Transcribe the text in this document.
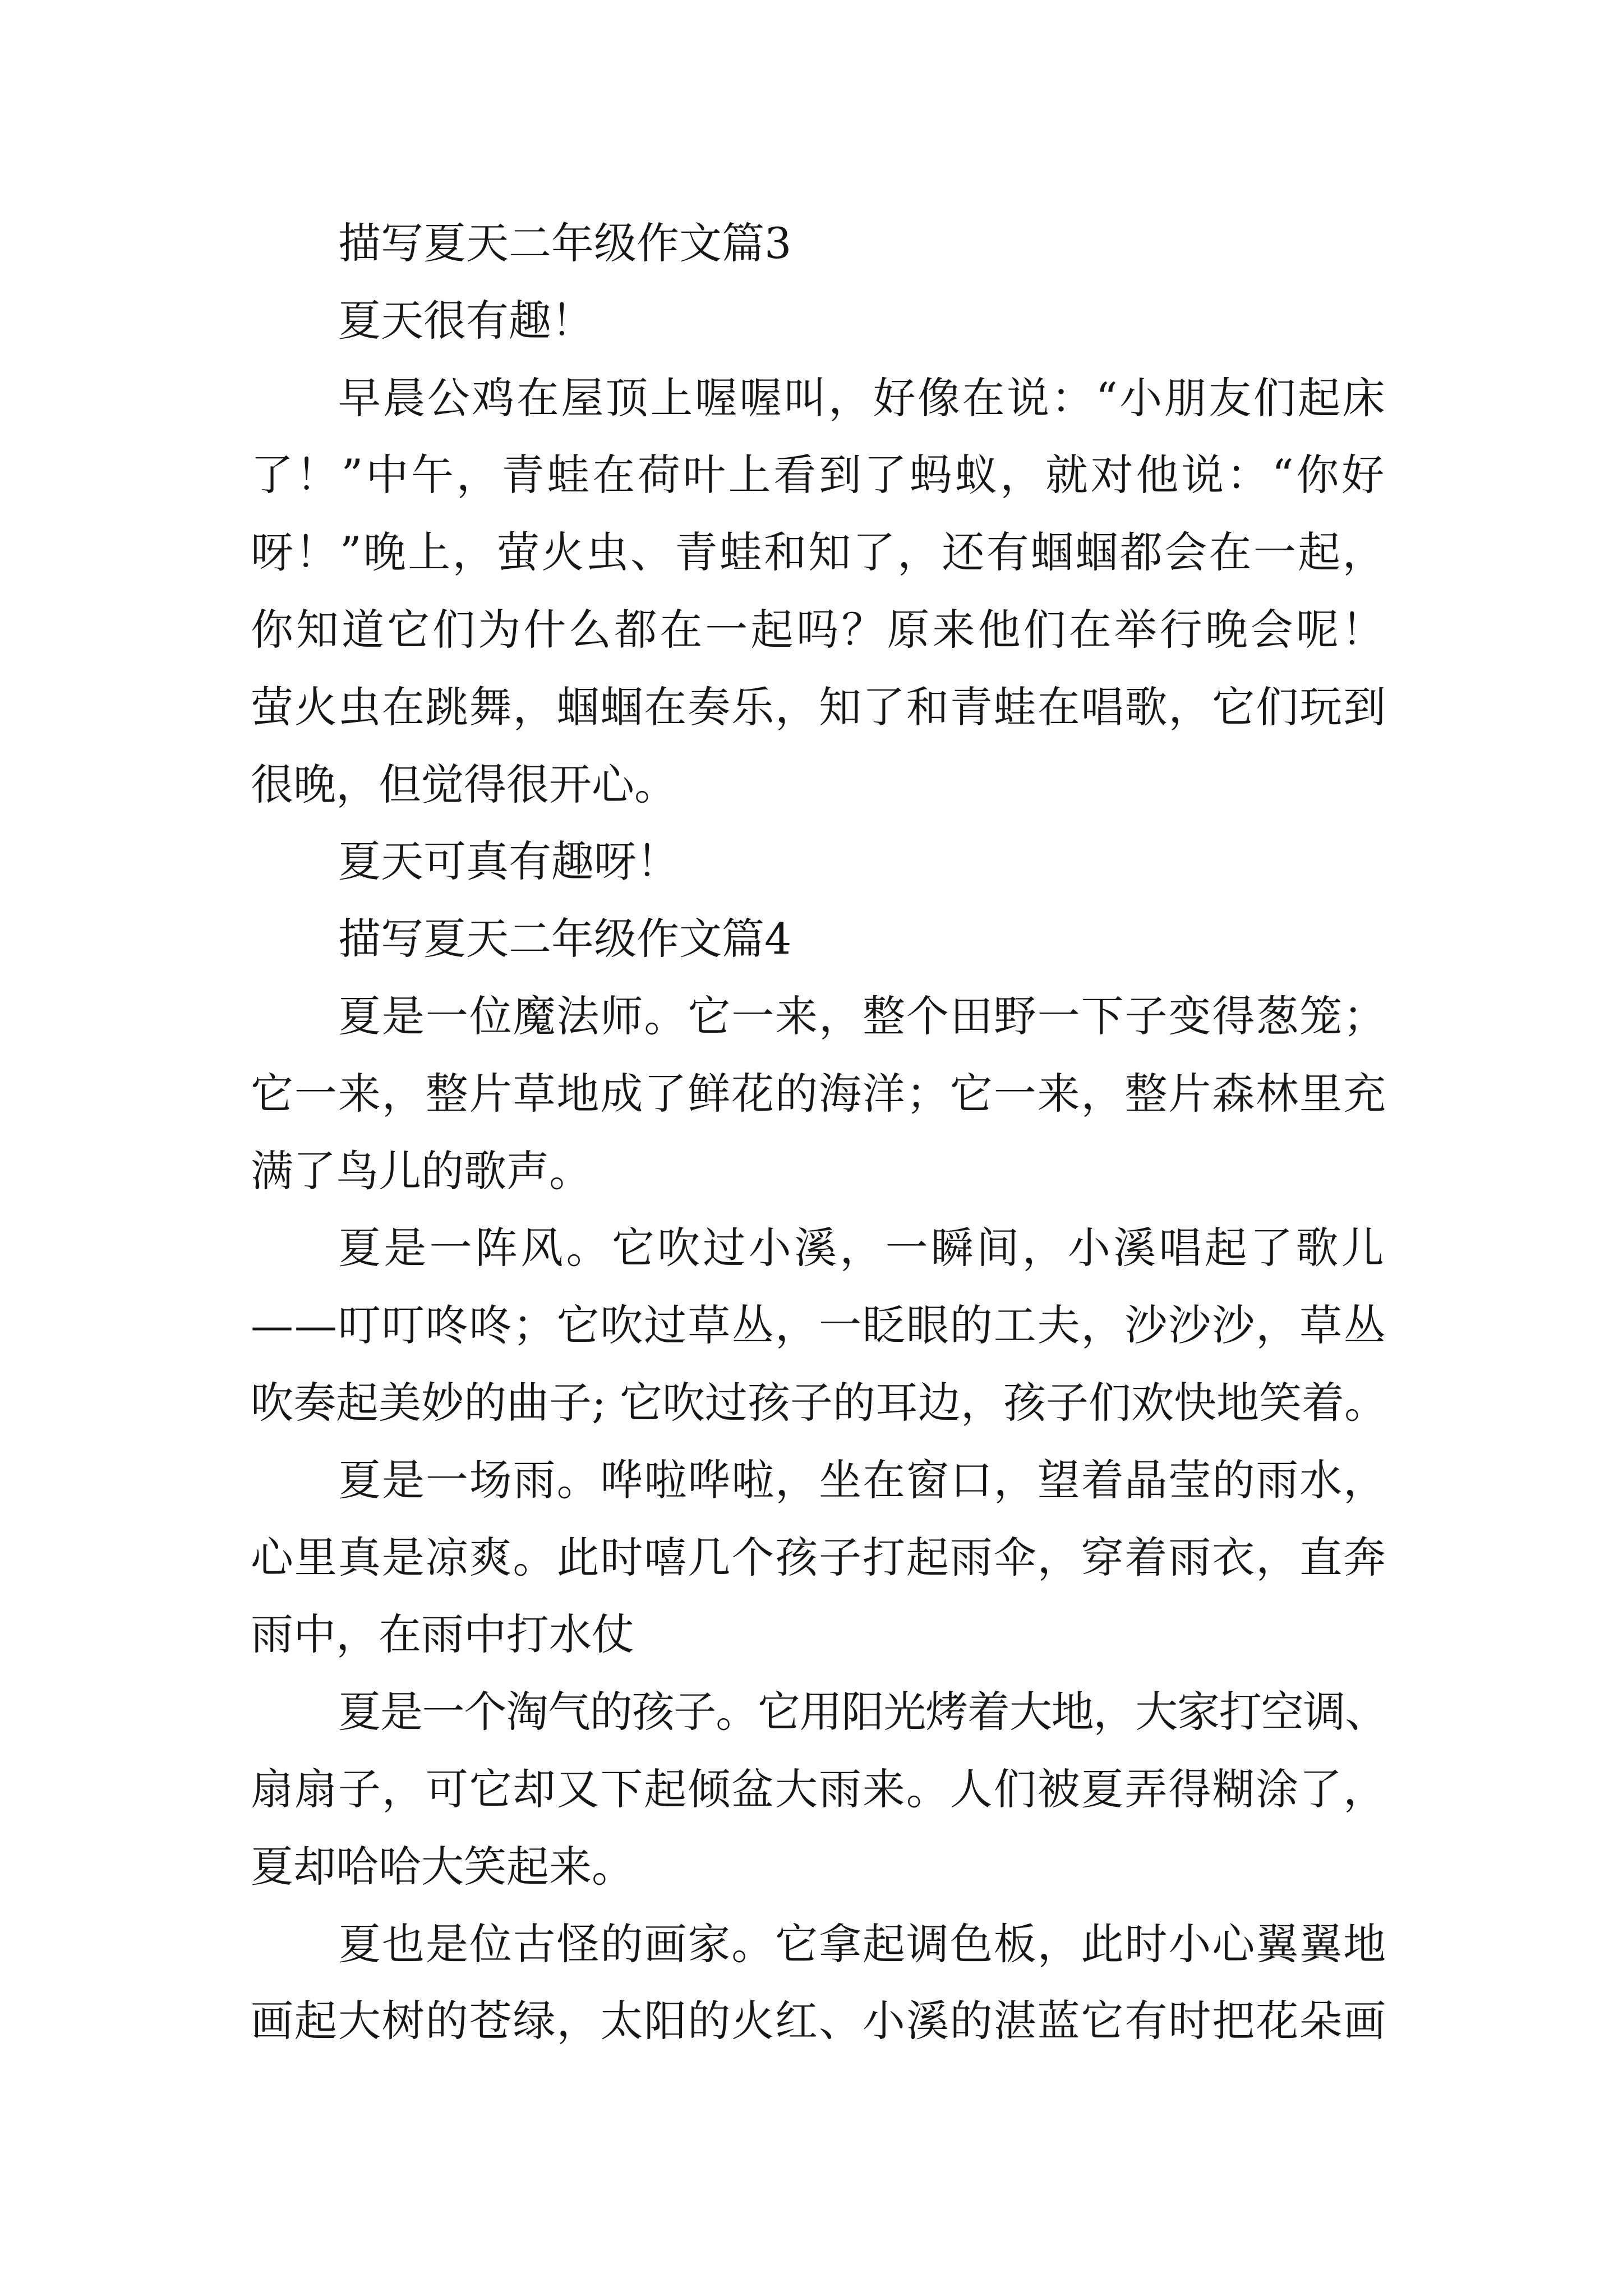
描写夏天二年级作文篇3
夏天很有趣！
早晨公鸡在屋顶上喔喔叫，好像在说：“小朋友们起床
了！”中午，青蛙在荷叶上看到了蚂蚁，就对他说：“你好
呀！”晚上，萤火虫、青蛙和知了，还有蝈蝈都会在一起，
你知道它们为什么都在一起吗？原来他们在举行晚会呢！
萤火虫在跳舞，蝈蝈在奏乐，知了和青蛙在唱歌，它们玩到
很晚，但觉得很开心。
夏天可真有趣呀！
描写夏天二年级作文篇4
夏是一位魔法师。它一来，整个田野一下子变得葱笼；
它一来，整片草地成了鲜花的海洋；它一来，整片森林里充
满了鸟儿的歌声。
夏是一阵风。它吹过小溪，一瞬间，小溪唱起了歌儿
——叮叮咚咚；它吹过草丛，一眨眼的工夫，沙沙沙，草丛
吹奏起美妙的曲子; 它吹过孩子的耳边，孩子们欢快地笑着。
夏是一场雨。哗啦哗啦，坐在窗口，望着晶莹的雨水，
心里真是凉爽。此时嘻几个孩子打起雨伞，穿着雨衣，直奔
雨中，在雨中打水仗
夏是一个淘气的孩子。它用阳光烤着大地，大家打空调、
扇扇子，可它却又下起倾盆大雨来。人们被夏弄得糊涂了，
夏却哈哈大笑起来。
夏也是位古怪的画家。它拿起调色板，此时小心翼翼地
画起大树的苍绿，太阳的火红、小溪的湛蓝它有时把花朵画
